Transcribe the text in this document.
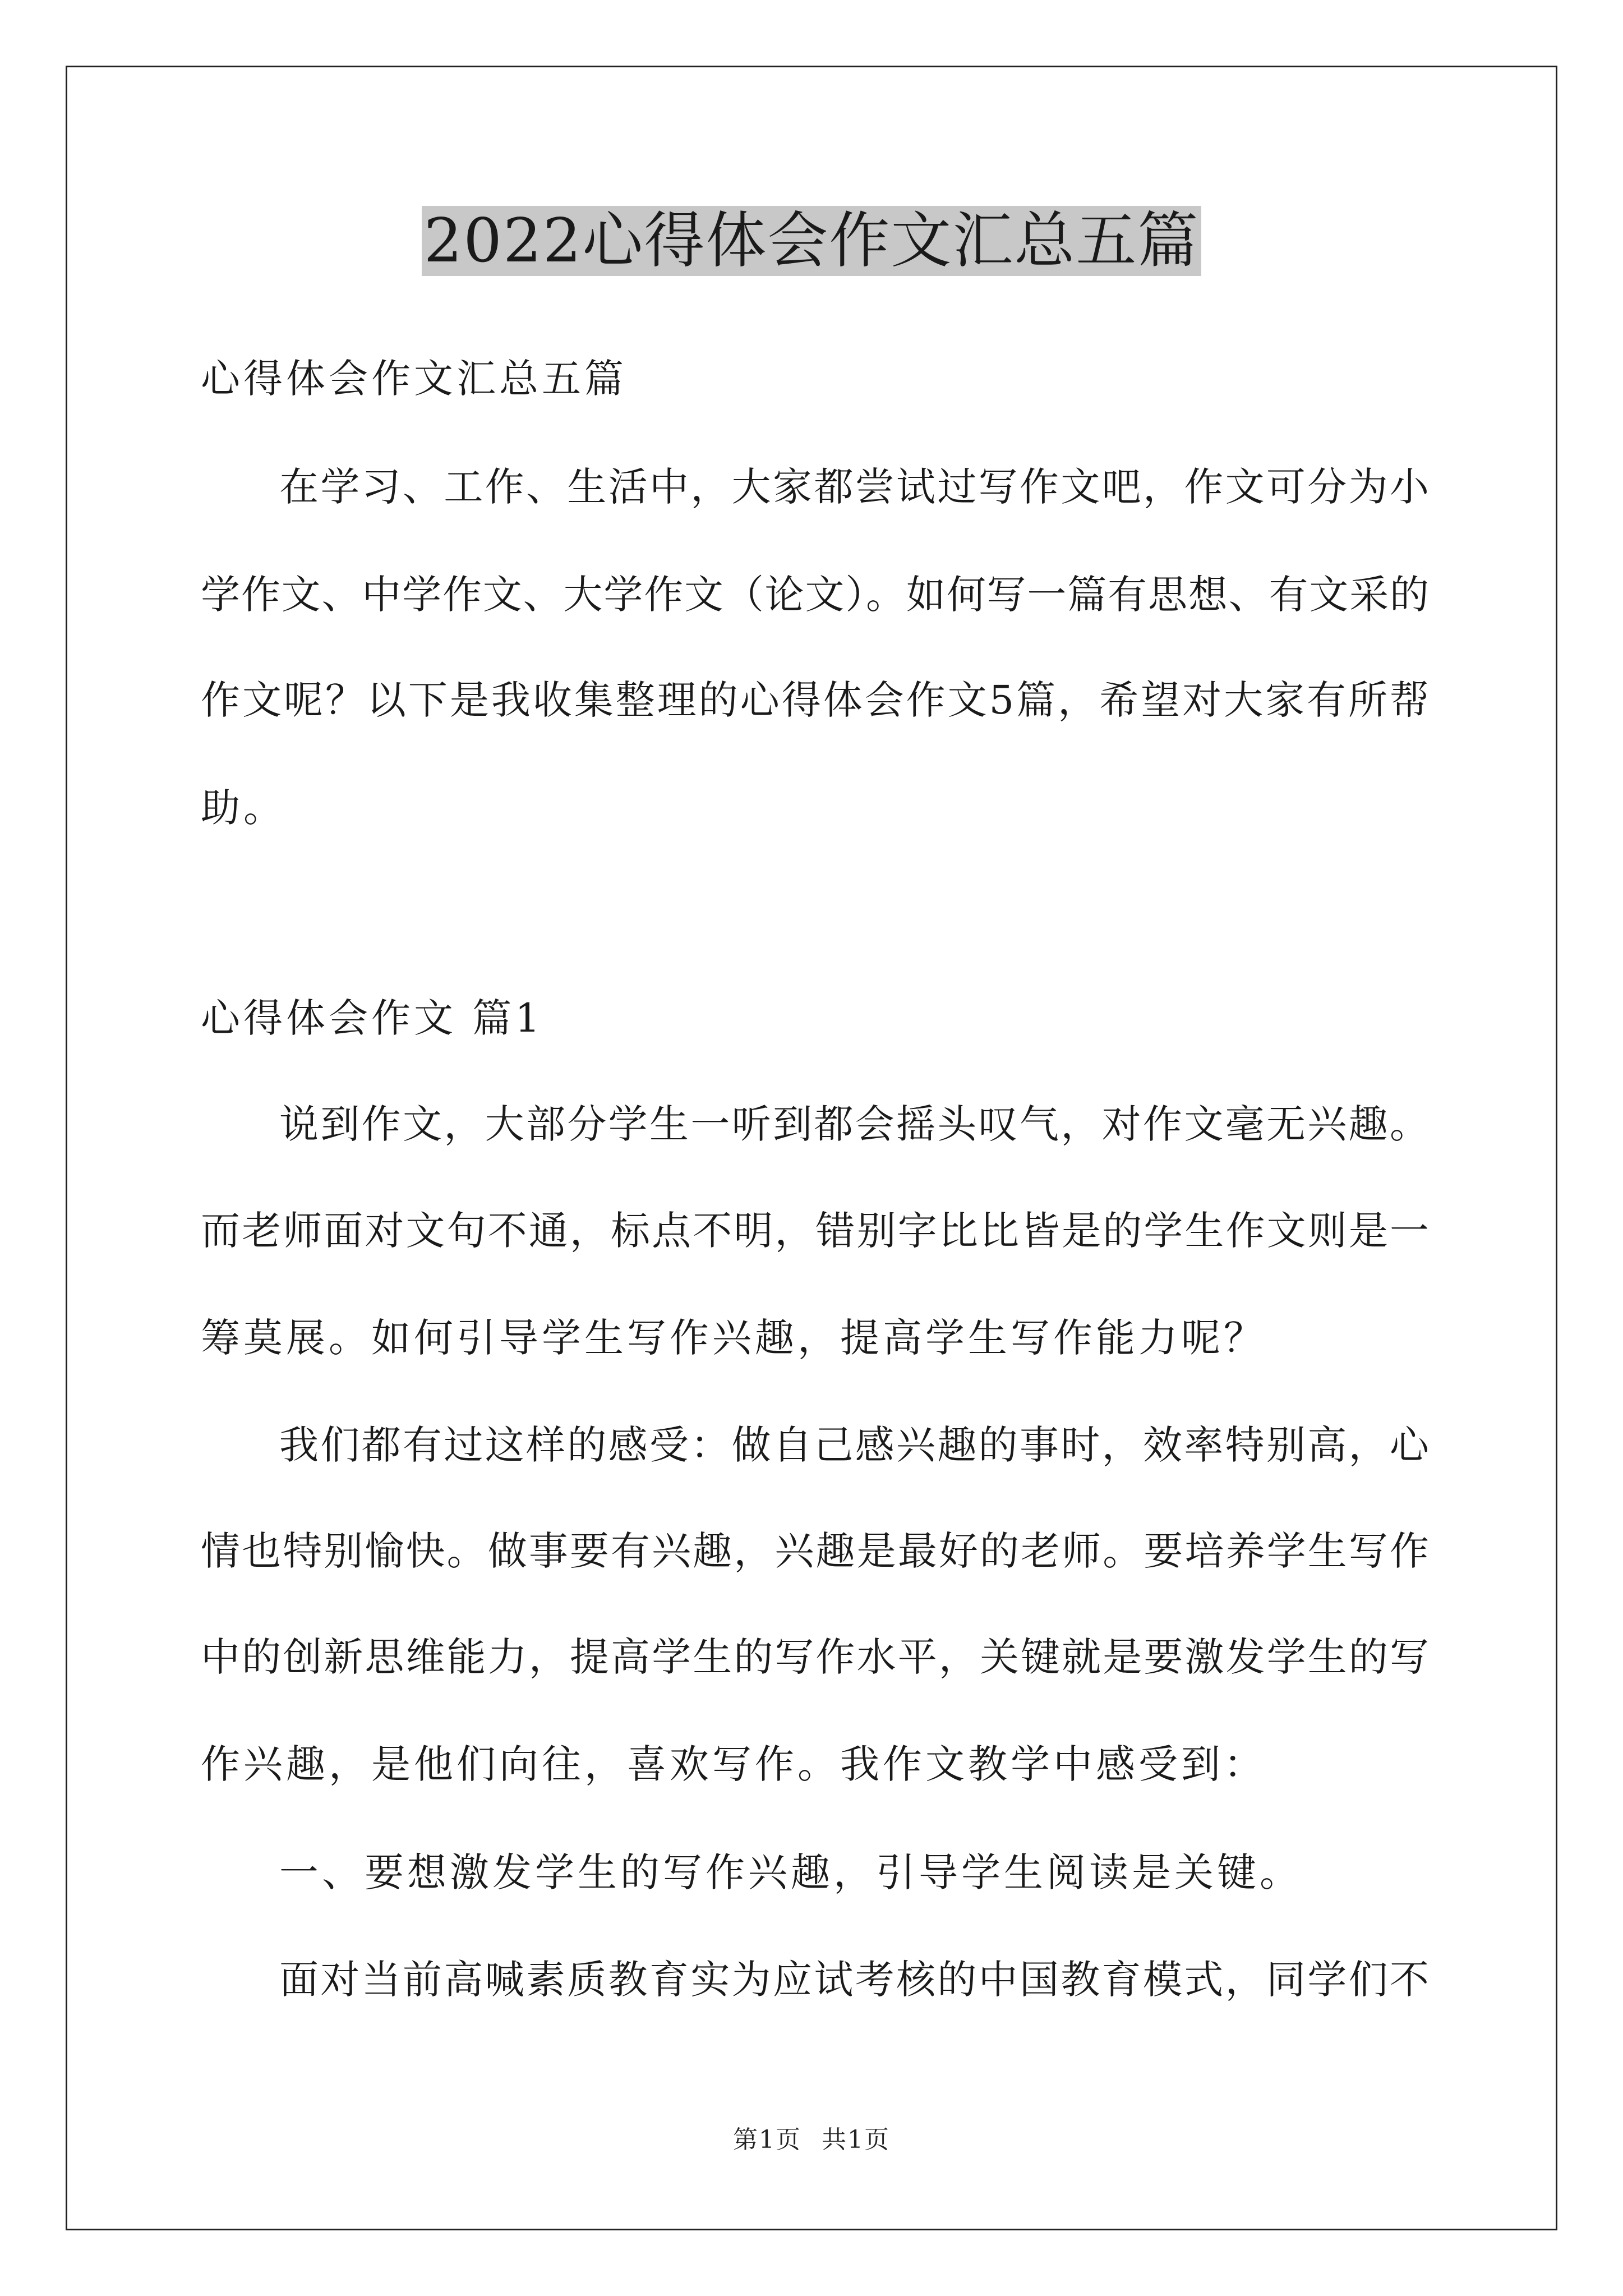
2022心得体会作文汇总五篇
心得体会作文汇总五篇
在学习、工作、生活中，大家都尝试过写作文吧，作文可分为小
学作文、中学作文、大学作文（论文）。如何写一篇有思想、有文采的
作文呢？以下是我收集整理的心得体会作文5篇，希望对大家有所帮
助。
心得体会作文 篇1
说到作文，大部分学生一听到都会摇头叹气，对作文毫无兴趣。
而老师面对文句不通，标点不明，错别字比比皆是的学生作文则是一
筹莫展。如何引导学生写作兴趣，提高学生写作能力呢？
我们都有过这样的感受：做自己感兴趣的事时，效率特别高，心
情也特别愉快。做事要有兴趣，兴趣是最好的老师。要培养学生写作
中的创新思维能力，提高学生的写作水平，关键就是要激发学生的写
作兴趣，是他们向往，喜欢写作。我作文教学中感受到：
一、要想激发学生的写作兴趣，引导学生阅读是关键。
面对当前高喊素质教育实为应试考核的中国教育模式，同学们不
第1页 共1页
